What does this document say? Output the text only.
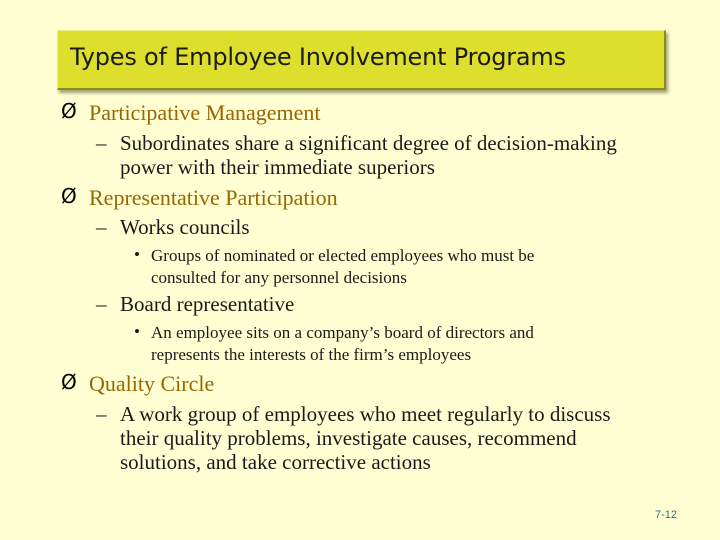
Types of Employee Involvement Programs
Ø Participative Management
– Subordinates share a significant degree of decision-making
power with their immediate superiors
Ø Representative Participation
– Works councils
• Groups of nominated or elected employees who must be
consulted for any personnel decisions
– Board representative
• An employee sits on a company’s board of directors and
represents the interests of the firm’s employees
Ø Quality Circle
– A work group of employees who meet regularly to discuss
their quality problems, investigate causes, recommend
solutions, and take corrective actions
7-12
